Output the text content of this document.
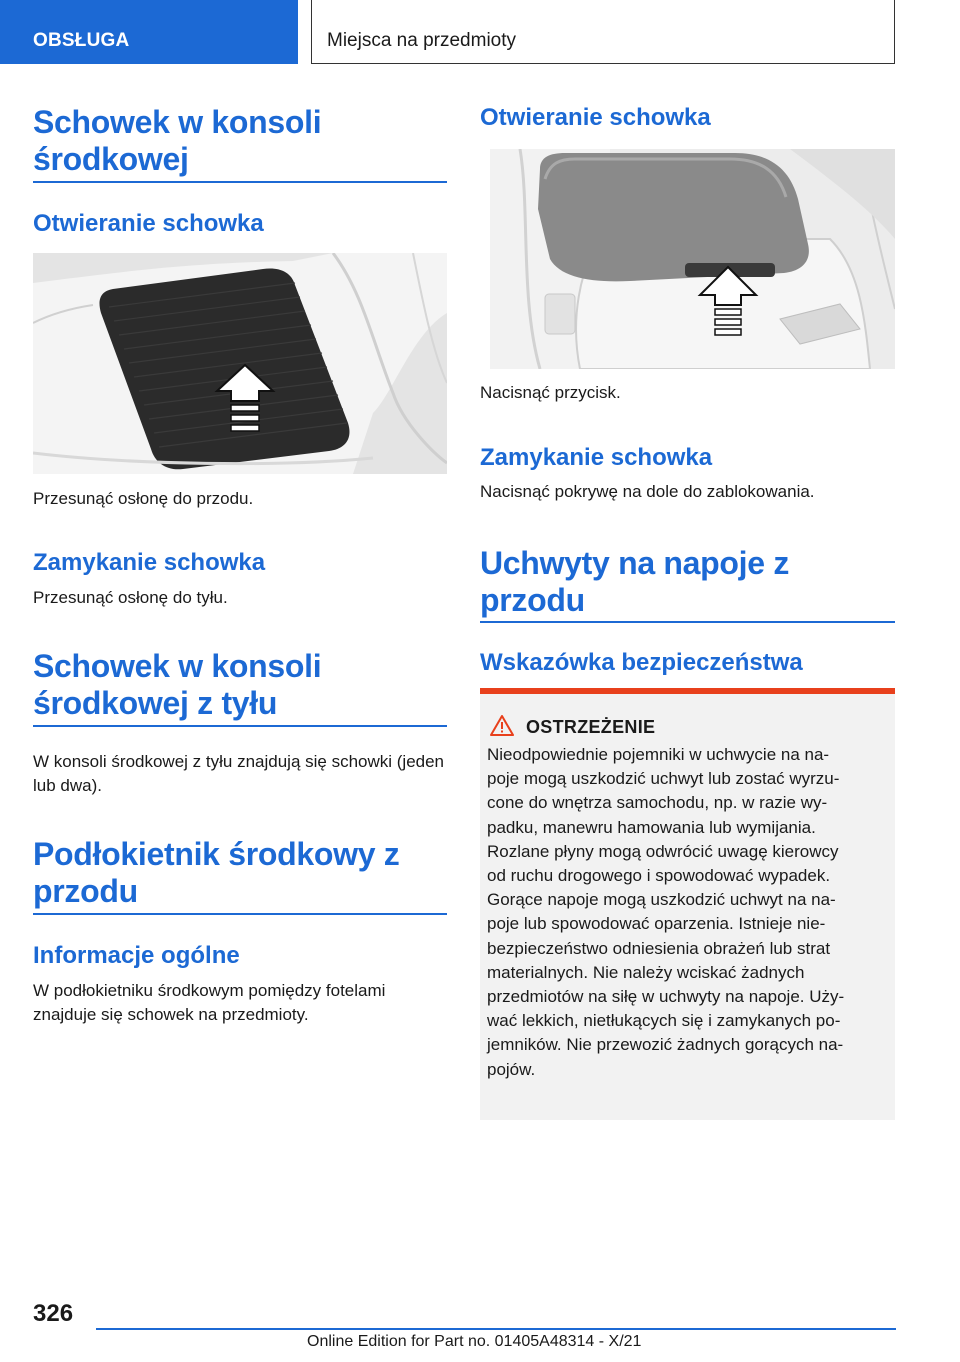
OBSŁUGA	Miejsca na przedmioty
Schowek w konsoli środkowej
Otwieranie schowka
Przesunąć osłonę do przodu.
Zamykanie schowka
Przesunąć osłonę do tyłu.
Schowek w konsoli środkowej z tyłu
W konsoli środkowej z tyłu znajdują się schowki (jeden lub dwa).
Podłokietnik środkowy z przodu
Informacje ogólne
W podłokietniku środkowym pomiędzy fotelami znajduje się schowek na przedmioty.
Otwieranie schowka
Nacisnąć przycisk.
Zamykanie schowka
Nacisnąć pokrywę na dole do zablokowania.
Uchwyty na napoje z przodu
Wskazówka bezpieczeństwa
OSTRZEŻENIE
Nieodpowiednie pojemniki w uchwycie na na-
poje mogą uszkodzić uchwyt lub zostać wyrzu-
cone do wnętrza samochodu, np. w razie wy-
padku, manewru hamowania lub wymijania.
Rozlane płyny mogą odwrócić uwagę kierowcy
od ruchu drogowego i spowodować wypadek.
Gorące napoje mogą uszkodzić uchwyt na na-
poje lub spowodować oparzenia. Istnieje nie-
bezpieczeństwo odniesienia obrażeń lub strat
materialnych. Nie należy wciskać żadnych
przedmiotów na siłę w uchwyty na napoje. Uży-
wać lekkich, nietłukących się i zamykanych po-
jemników. Nie przewozić żadnych gorących na-
pojów.
326
Online Edition for Part no. 01405A48314 - X/21
